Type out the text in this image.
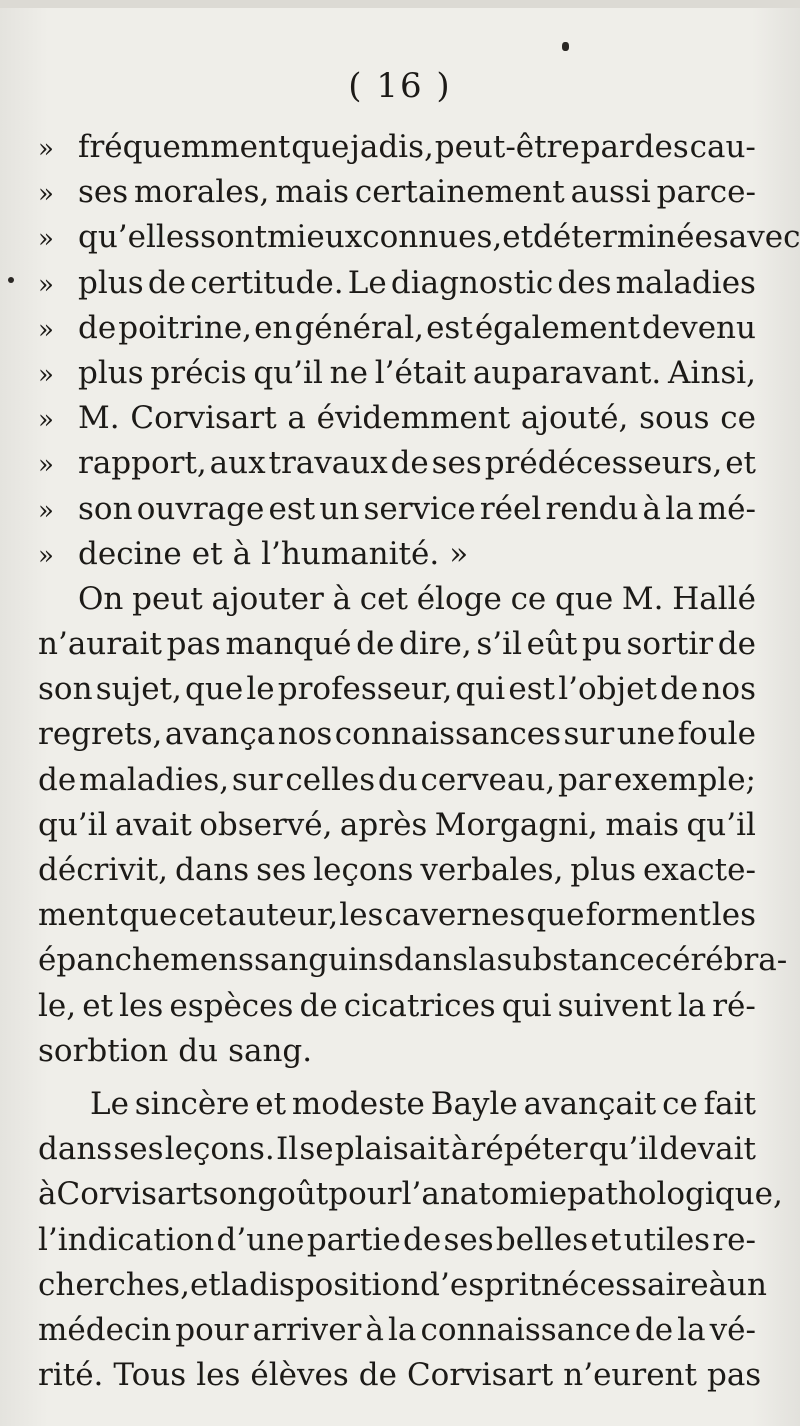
( 16 )
» fréquemment que jadis, peut-être par des cau-
» ses morales, mais certainement aussi parce-
» qu’elles sont mieux connues, et déterminées avec
» plus de certitude. Le diagnostic des maladies
» de poitrine, en général, est également devenu
» plus précis qu’il ne l’était auparavant. Ainsi,
» M. Corvisart a évidemment ajouté, sous ce
» rapport, aux travaux de ses prédécesseurs, et
» son ouvrage est un service réel rendu à la mé-
» decine et à l’humanité. »
On peut ajouter à cet éloge ce que M. Hallé
n’aurait pas manqué de dire, s’il eût pu sortir de
son sujet, que le professeur, qui est l’objet de nos
regrets, avança nos connaissances sur une foule
de maladies, sur celles du cerveau, par exemple;
qu’il avait observé, après Morgagni, mais qu’il
décrivit, dans ses leçons verbales, plus exacte-
ment que cet auteur, les cavernes que forment les
épanchemens sanguins dans la substance cérébra-
le, et les espèces de cicatrices qui suivent la ré-
sorbtion du sang.
Le sincère et modeste Bayle avançait ce fait
dans ses leçons. Il se plaisait à répéter qu’il devait
à Corvisart son goût pour l’anatomie pathologique,
l’indication d’une partie de ses belles et utiles re-
cherches, et la disposition d’esprit nécessaire à un
médecin pour arriver à la connaissance de la vé-
rité. Tous les élèves de Corvisart n’eurent pas
